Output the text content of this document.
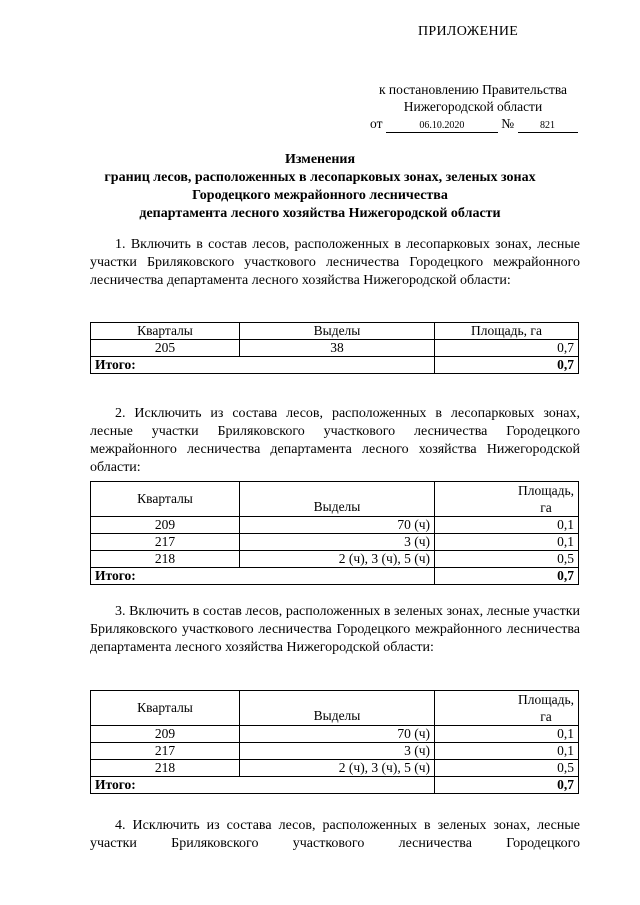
ПРИЛОЖЕНИЕ
к постановлению Правительства
Нижегородской области
от	06.10.2020	№	821
Изменения
границ лесов, расположенных в лесопарковых зонах, зеленых зонах
Городецкого межрайонного лесничества
департамента лесного хозяйства Нижегородской области

1. Включить в состав лесов, расположенных в лесопарковых зонах, лесные участки Бриляковского участкового лесничества Городецкого межрайонного лесничества департамента лесного хозяйства Нижегородской области:

Кварталы	Выделы	Площадь, га
205	38	0,7
Итого:		0,7

2. Исключить из состава лесов, расположенных в лесопарковых зонах, лесные участки Бриляковского участкового лесничества Городецкого межрайонного лесничества департамента лесного хозяйства Нижегородской области:

Кварталы	Выделы	Площадь,
га
209	70 (ч)	0,1
217	3 (ч)	0,1
218	2 (ч), 3 (ч), 5 (ч)	0,5
Итого:		0,7

3. Включить в состав лесов, расположенных в зеленых зонах, лесные участки Бриляковского участкового лесничества Городецкого межрайонного лесничества департамента лесного хозяйства Нижегородской области:

Кварталы	Выделы	Площадь,
га
209	70 (ч)	0,1
217	3 (ч)	0,1
218	2 (ч), 3 (ч), 5 (ч)	0,5
Итого:		0,7

4. Исключить из состава лесов, расположенных в зеленых зонах, лесные участки Бриляковского участкового лесничества Городецкого
